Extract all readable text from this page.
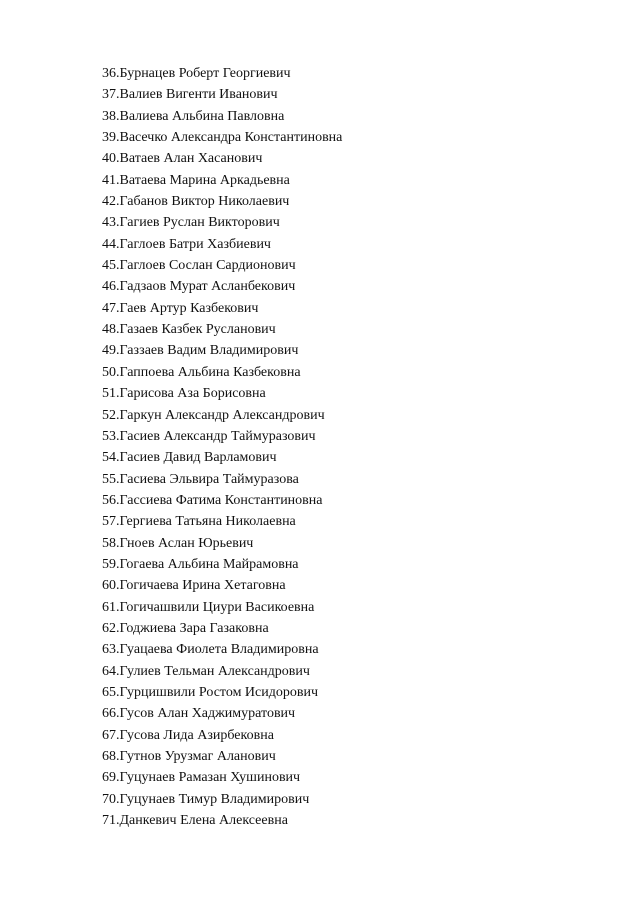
36.Бурнацев Роберт Георгиевич
37.Валиев Вигенти Иванович
38.Валиева Альбина Павловна
39.Васечко Александра Константиновна
40.Ватаев Алан Хасанович
41.Ватаева Марина Аркадьевна
42.Габанов Виктор Николаевич
43.Гагиев Руслан Викторович
44.Гаглоев Батри Хазбиевич
45.Гаглоев Сослан Сардионович
46.Гадзаов Мурат Асланбекович
47.Гаев Артур Казбекович
48.Газаев Казбек Русланович
49.Газзаев Вадим Владимирович
50.Гаппоева Альбина Казбековна
51.Гарисова Аза Борисовна
52.Гаркун Александр Александрович
53.Гасиев Александр Таймуразович
54.Гасиев Давид Варламович
55.Гасиева Эльвира Таймуразова
56.Гассиева Фатима Константиновна
57.Гергиева Татьяна Николаевна
58.Гноев Аслан Юрьевич
59.Гогаева Альбина Майрамовна
60.Гогичаева Ирина Хетаговна
61.Гогичашвили Циури Васикоевна
62.Годжиева Зара Газаковна
63.Гуацаева Фиолета Владимировна
64.Гулиев Тельман Александрович
65.Гурцишвили Ростом Исидорович
66.Гусов Алан Хаджимуратович
67.Гусова Лида Азирбековна
68.Гутнов Урузмаг Аланович
69.Гуцунаев Рамазан Хушинович
70.Гуцунаев Тимур Владимирович
71.Данкевич Елена Алексеевна
